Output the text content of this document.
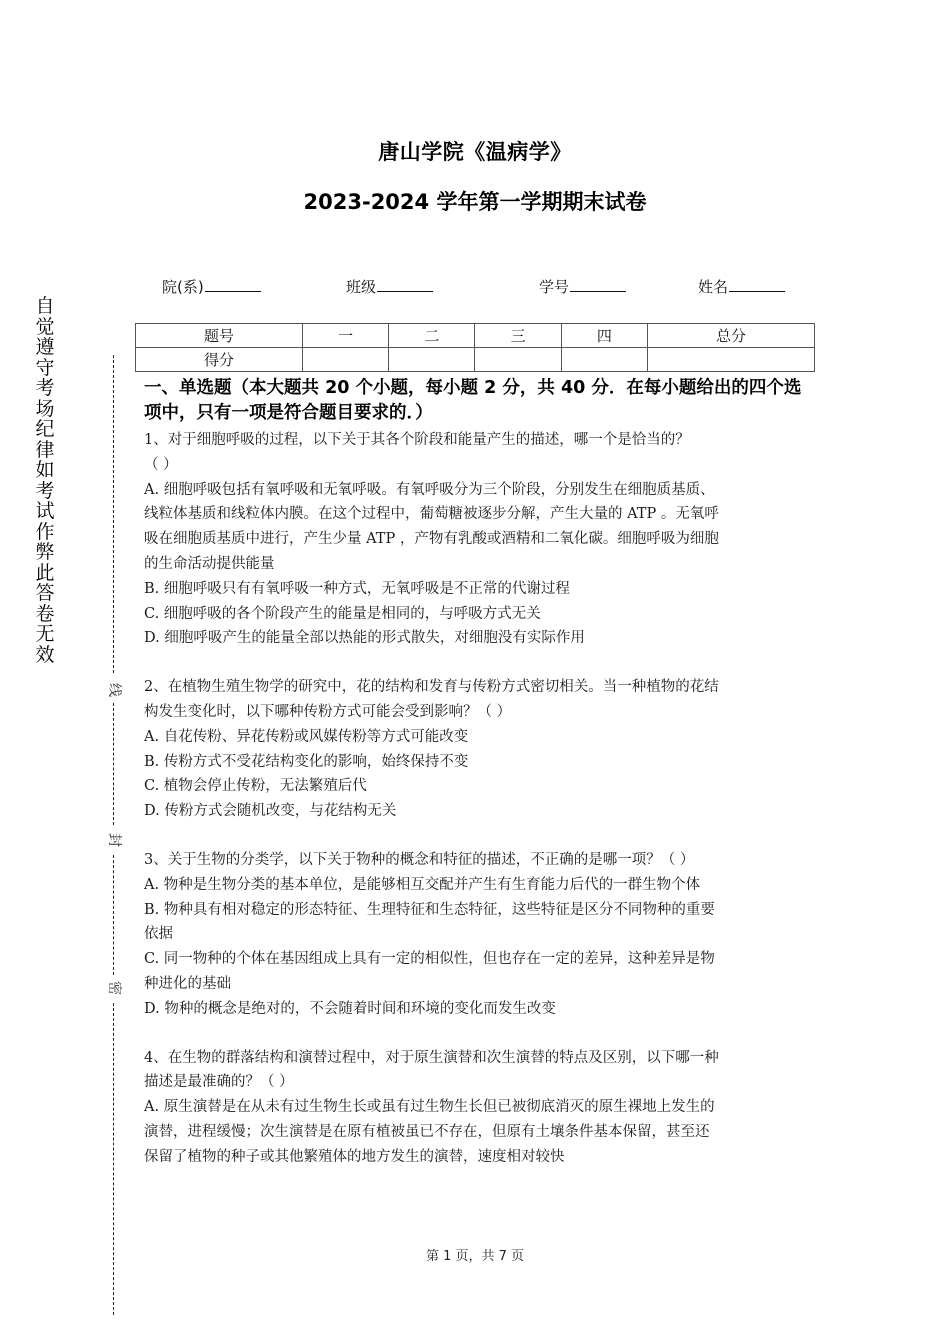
唐山学院《温病学》
2023-2024 学年第一学期期末试卷
院(系)	班级	学号	姓名
题号	一	二	三	四	总分
得分					
自觉遵守考场纪律如考试作弊此答卷无效
线
封
密
一、单选题（本大题共 20 个小题，每小题 2 分，共 40 分．在每小题给出的四个选项中，只有一项是符合题目要求的．）
1、对于细胞呼吸的过程，以下关于其各个阶段和能量产生的描述，哪一个是恰当的？
（ ）
A. 细胞呼吸包括有氧呼吸和无氧呼吸。有氧呼吸分为三个阶段，分别发生在细胞质基质、
线粒体基质和线粒体内膜。在这个过程中，葡萄糖被逐步分解，产生大量的 ATP 。无氧呼
吸在细胞质基质中进行，产生少量 ATP ，产物有乳酸或酒精和二氧化碳。细胞呼吸为细胞
的生命活动提供能量
B. 细胞呼吸只有有氧呼吸一种方式，无氧呼吸是不正常的代谢过程
C. 细胞呼吸的各个阶段产生的能量是相同的，与呼吸方式无关
D. 细胞呼吸产生的能量全部以热能的形式散失，对细胞没有实际作用
2、在植物生殖生物学的研究中，花的结构和发育与传粉方式密切相关。当一种植物的花结
构发生变化时，以下哪种传粉方式可能会受到影响？（ ）
A. 自花传粉、异花传粉或风媒传粉等方式可能改变
B. 传粉方式不受花结构变化的影响，始终保持不变
C. 植物会停止传粉，无法繁殖后代
D. 传粉方式会随机改变，与花结构无关
3、关于生物的分类学，以下关于物种的概念和特征的描述，不正确的是哪一项？（ ）
A. 物种是生物分类的基本单位，是能够相互交配并产生有生育能力后代的一群生物个体
B. 物种具有相对稳定的形态特征、生理特征和生态特征，这些特征是区分不同物种的重要
依据
C. 同一物种的个体在基因组成上具有一定的相似性，但也存在一定的差异，这种差异是物
种进化的基础
D. 物种的概念是绝对的，不会随着时间和环境的变化而发生改变
4、在生物的群落结构和演替过程中，对于原生演替和次生演替的特点及区别，以下哪一种
描述是最准确的？（ ）
A. 原生演替是在从未有过生物生长或虽有过生物生长但已被彻底消灭的原生裸地上发生的
演替，进程缓慢；次生演替是在原有植被虽已不存在，但原有土壤条件基本保留，甚至还
保留了植物的种子或其他繁殖体的地方发生的演替，速度相对较快
第 1 页，共 7 页
